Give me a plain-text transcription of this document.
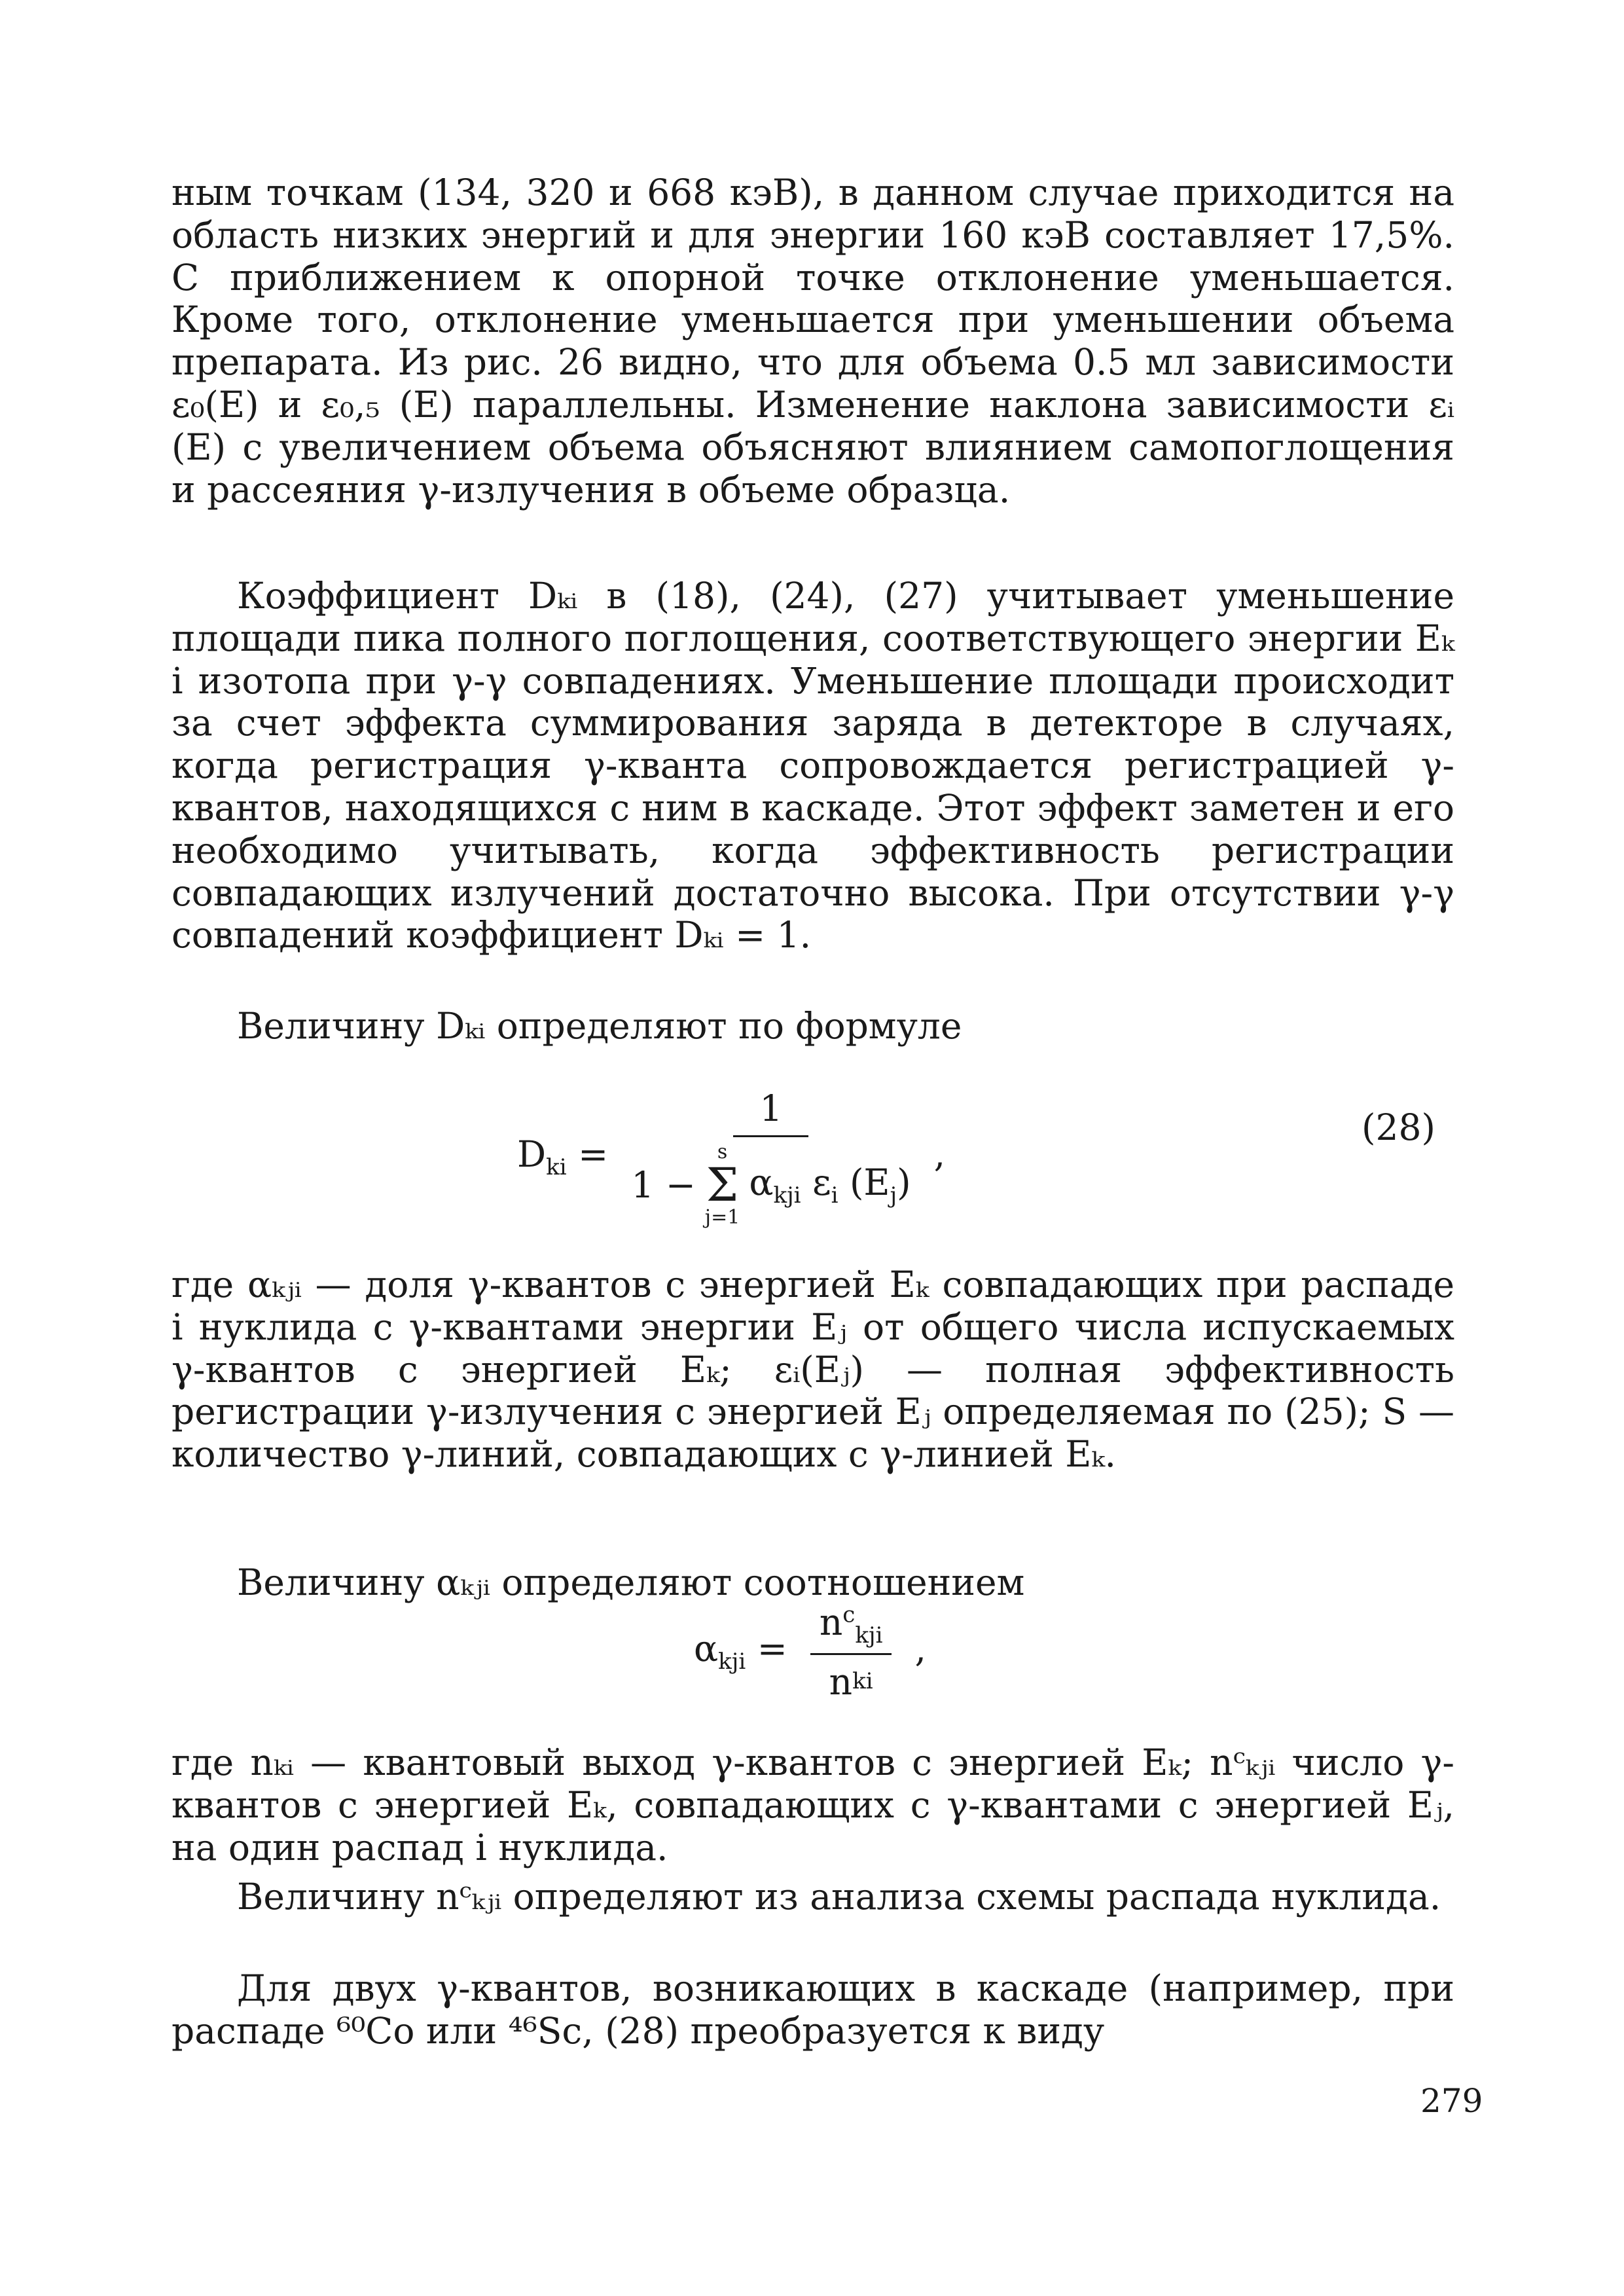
ным точкам (134, 320 и 668 кэВ), в данном случае приходится на область низких энергий и для энергии 160 кэВ составляет 17,5%. С приближением к опорной точке отклонение уменьшается. Кроме того, отклонение уменьшается при уменьшении объема препарата. Из рис. 26 видно, что для объема 0.5 мл зависимости ε₀(E) и ε₀,₅ (E) параллельны. Изменение наклона зависимости εᵢ (E) с увеличением объема объясняют влиянием самопоглощения и рассеяния γ-излучения в объеме образца.

Коэффициент Dₖᵢ в (18), (24), (27) учитывает уменьшение площади пика полного поглощения, соответствующего энергии Eₖ i изотопа при γ-γ совпадениях. Уменьшение площади происходит за счет эффекта суммирования заряда в детекторе в случаях, когда регистрация γ-кванта сопровождается регистрацией γ-квантов, находящихся с ним в каскаде. Этот эффект заметен и его необходимо учитывать, когда эффективность регистрации совпадающих излучений достаточно высока. При отсутствии γ-γ совпадений коэффициент Dₖᵢ = 1.

Величину Dₖᵢ определяют по формуле

$D_{ki} = 1$
1 −
s
Σ
j=1
$\alpha_{kji}$ $\varepsilon_i$ $(E_j)$ ,
(28)

где αₖⱼᵢ — доля γ-квантов с энергией Eₖ совпадающих при распаде i нуклида с γ-квантами энергии Eⱼ от общего числа испускаемых γ-квантов с энергией Eₖ; εᵢ(Eⱼ) — полная эффективность регистрации γ-излучения с энергией Eⱼ определяемая по (25); S — количество γ-линий, совпадающих с γ-линией Eₖ.

Величину αₖⱼᵢ определяют соотношением

$\alpha_{kji} = \frac{n^c_{kji}}{\text{n ki}}$ ,

где nₖᵢ — квантовый выход γ-квантов с энергией Eₖ; nᶜₖⱼᵢ число γ-квантов с энергией Eₖ, совпадающих с γ-квантами с энергией Eⱼ, на один распад i нуклида.

Величину nᶜₖⱼᵢ определяют из анализа схемы распада нуклида.

Для двух γ-квантов, возникающих в каскаде (например, при распаде ⁶⁰Co или ⁴⁶Sc, (28) преобразуется к виду

279
